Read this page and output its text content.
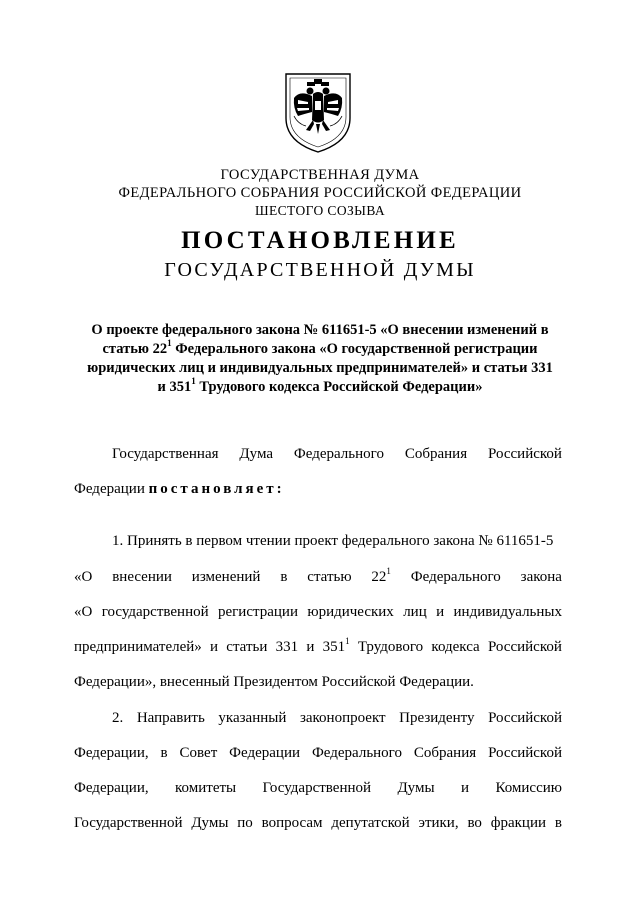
ГОСУДАРСТВЕННАЯ ДУМА
ФЕДЕРАЛЬНОГО СОБРАНИЯ РОССИЙСКОЙ ФЕДЕРАЦИИ
ШЕСТОГО СОЗЫВА
ПОСТАНОВЛЕНИЕ
ГОСУДАРСТВЕННОЙ ДУМЫ
О проекте федерального закона № 611651-5 «О внесении изменений в
статью $22^1$ Федерального закона «О государственной регистрации
юридических лиц и индивидуальных предпринимателей» и статьи 331
и $351^1$ Трудового кодекса Российской Федерации»
Государственная Дума Федерального Собрания Российской
Федерации постановляет:
1. Принять в первом чтении проект федерального закона № 611651-5
«О внесении изменений в статью $22^1$ Федерального закона
«О государственной регистрации юридических лиц и индивидуальных
предпринимателей» и статьи 331 и $351^1$ Трудового кодекса Российской
Федерации», внесенный Президентом Российской Федерации.
2. Направить указанный законопроект Президенту Российской
Федерации, в Совет Федерации Федерального Собрания Российской
Федерации, комитеты Государственной Думы и Комиссию
Государственной Думы по вопросам депутатской этики, во фракции в
